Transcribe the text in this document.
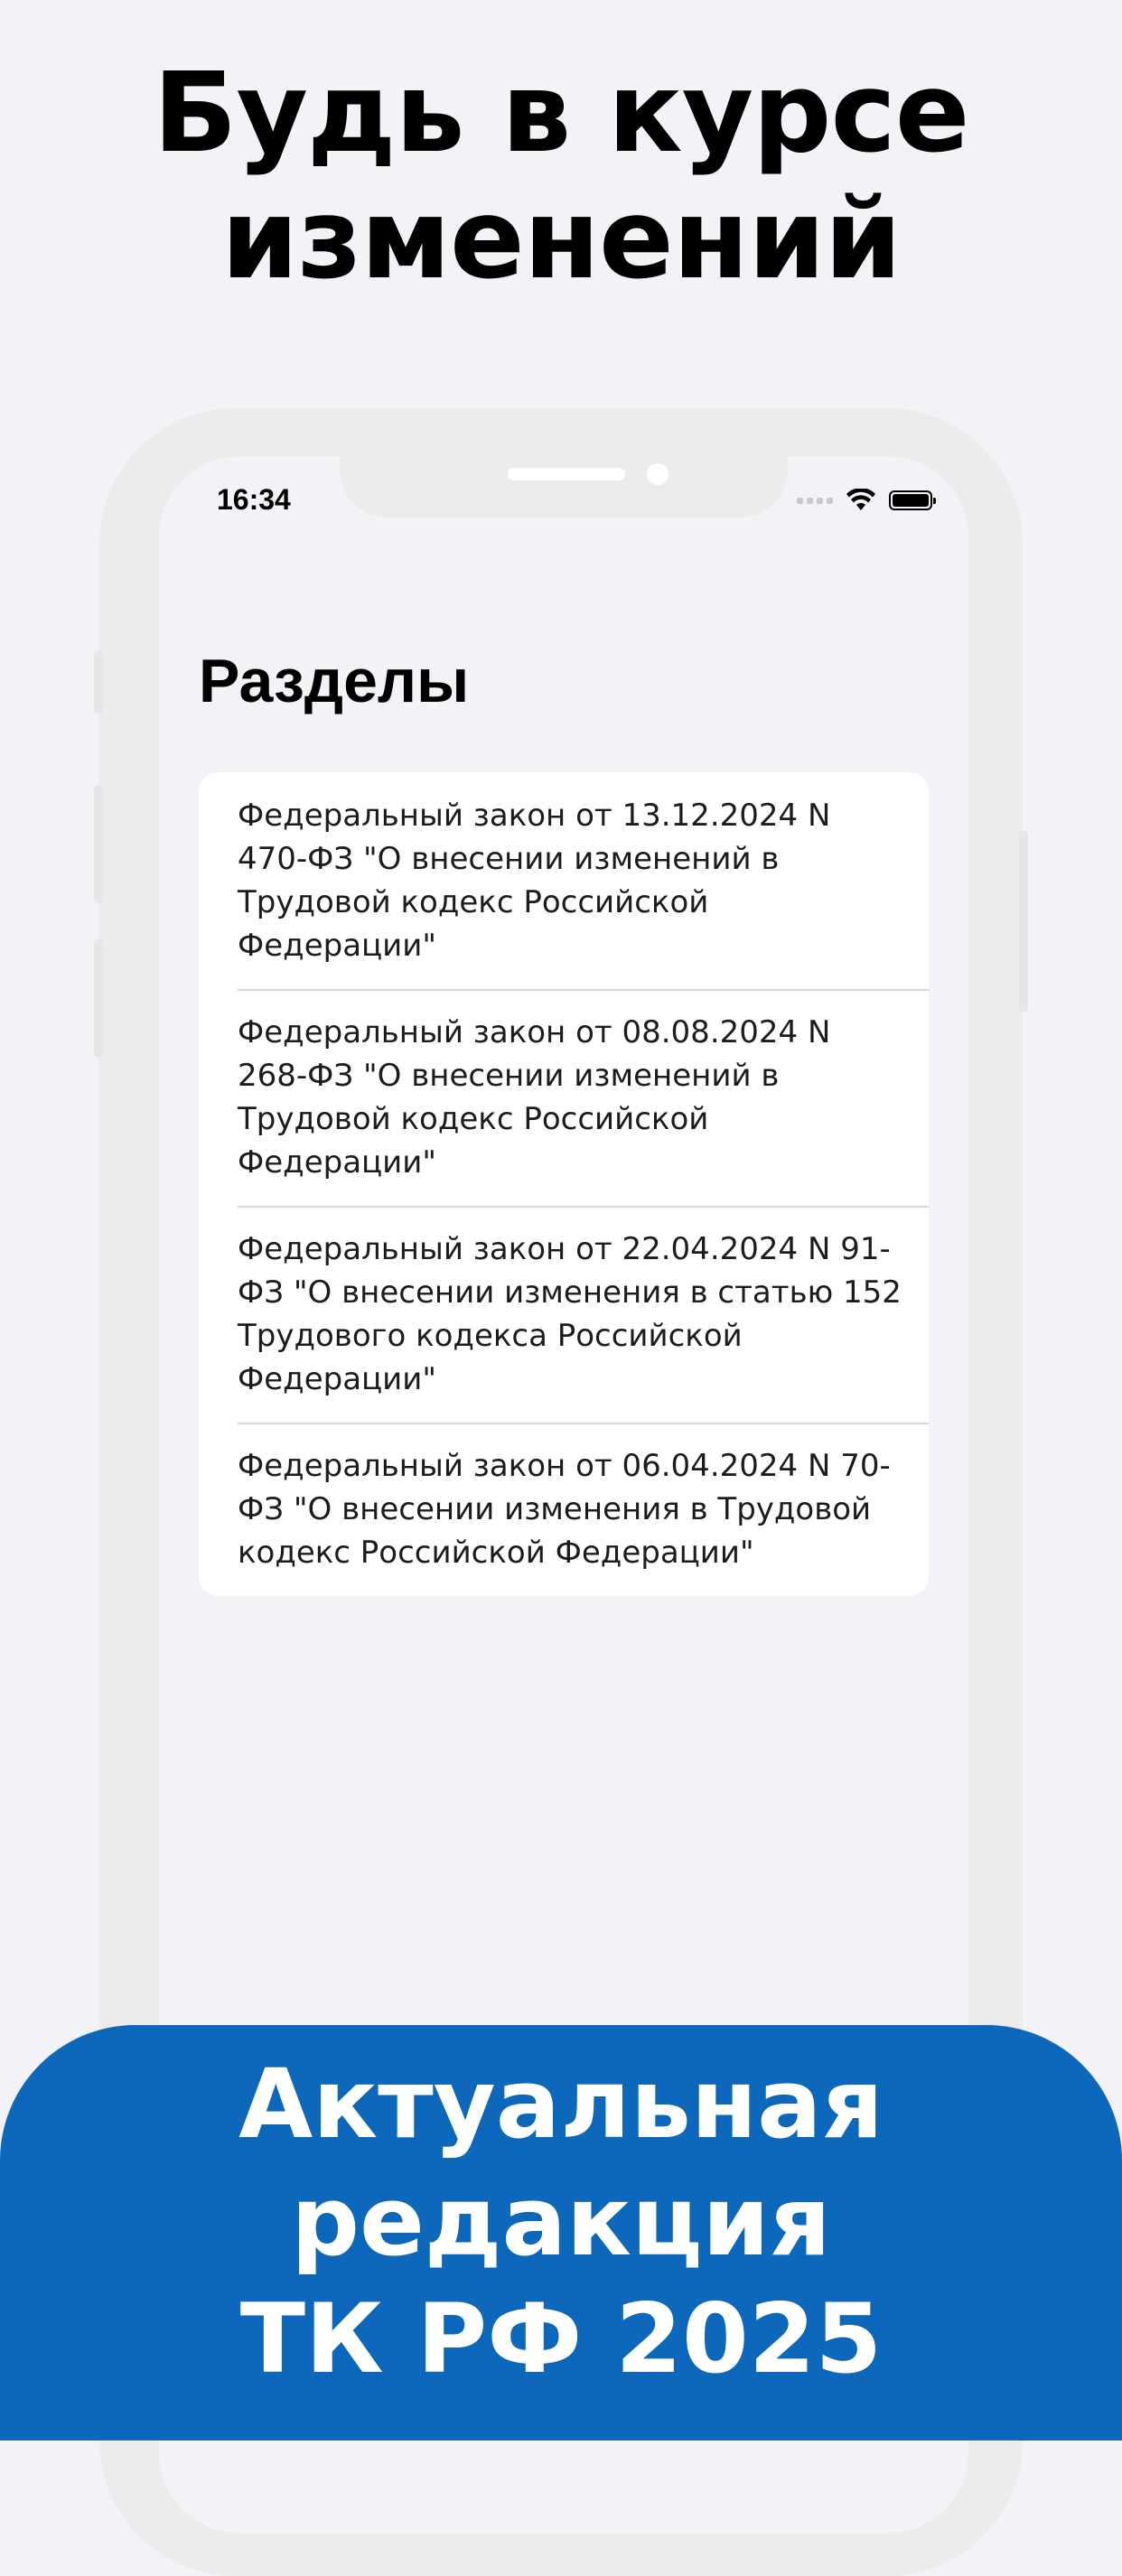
Будь в курсе
изменений
16:34
Разделы
Федеральный закон от 13.12.2024 N 470-ФЗ "О внесении изменений в Трудовой кодекс Российской Федерации"
Федеральный закон от 08.08.2024 N 268-ФЗ "О внесении изменений в Трудовой кодекс Российской Федерации"
Федеральный закон от 22.04.2024 N 91-ФЗ "О внесении изменения в статью 152 Трудового кодекса Российской Федерации"
Федеральный закон от 06.04.2024 N 70-ФЗ "О внесении изменения в Трудовой кодекс Российской Федерации"
Актуальная
редакция
ТК РФ 2025
